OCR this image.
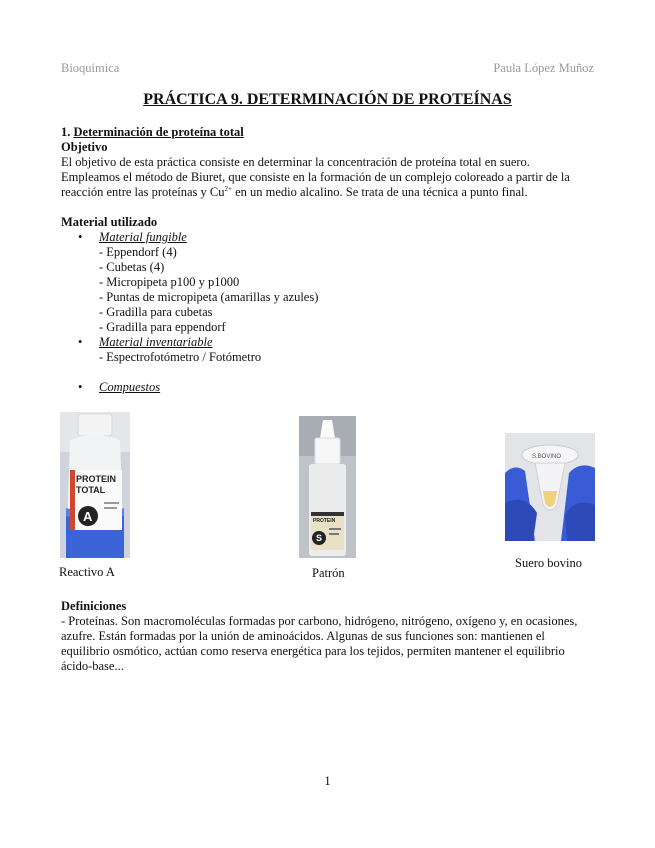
Bioquímica	Paula López Muñoz
PRÁCTICA 9. DETERMINACIÓN DE PROTEÍNAS
1. Determinación de proteína total
Objetivo

El objetivo de esta práctica consiste en determinar la concentración de proteína total en suero.

Empleamos el método de Biuret, que consiste en la formación de un complejo coloreado a partir de la

reacción entre las proteínas y $Cu^{2+}$ en un medio alcalino. Se trata de una técnica a punto final.

Material utilizado
• Material fungible
- Eppendorf (4)
- Cubetas (4)
- Micropipeta p100 y p1000
- Puntas de micropipeta (amarillas y azules)
- Gradilla para cubetas
- Gradilla para eppendorf
• Material inventariable
- Espectrofotómetro / Fotómetro
• Compuestos
PROTEIN
TOTAL
A
Reactivo A
PROTEIN
S
Patrón
S.BOVINO
Suero bovino
Definiciones

- Proteínas. Son macromoléculas formadas por carbono, hidrógeno, nitrógeno, oxígeno y, en ocasiones,

azufre. Están formadas por la unión de aminoácidos. Algunas de sus funciones son: mantienen el

equilibrio osmótico, actúan como reserva energética para los tejidos, permiten mantener el equilibrio

ácido-base...

1
